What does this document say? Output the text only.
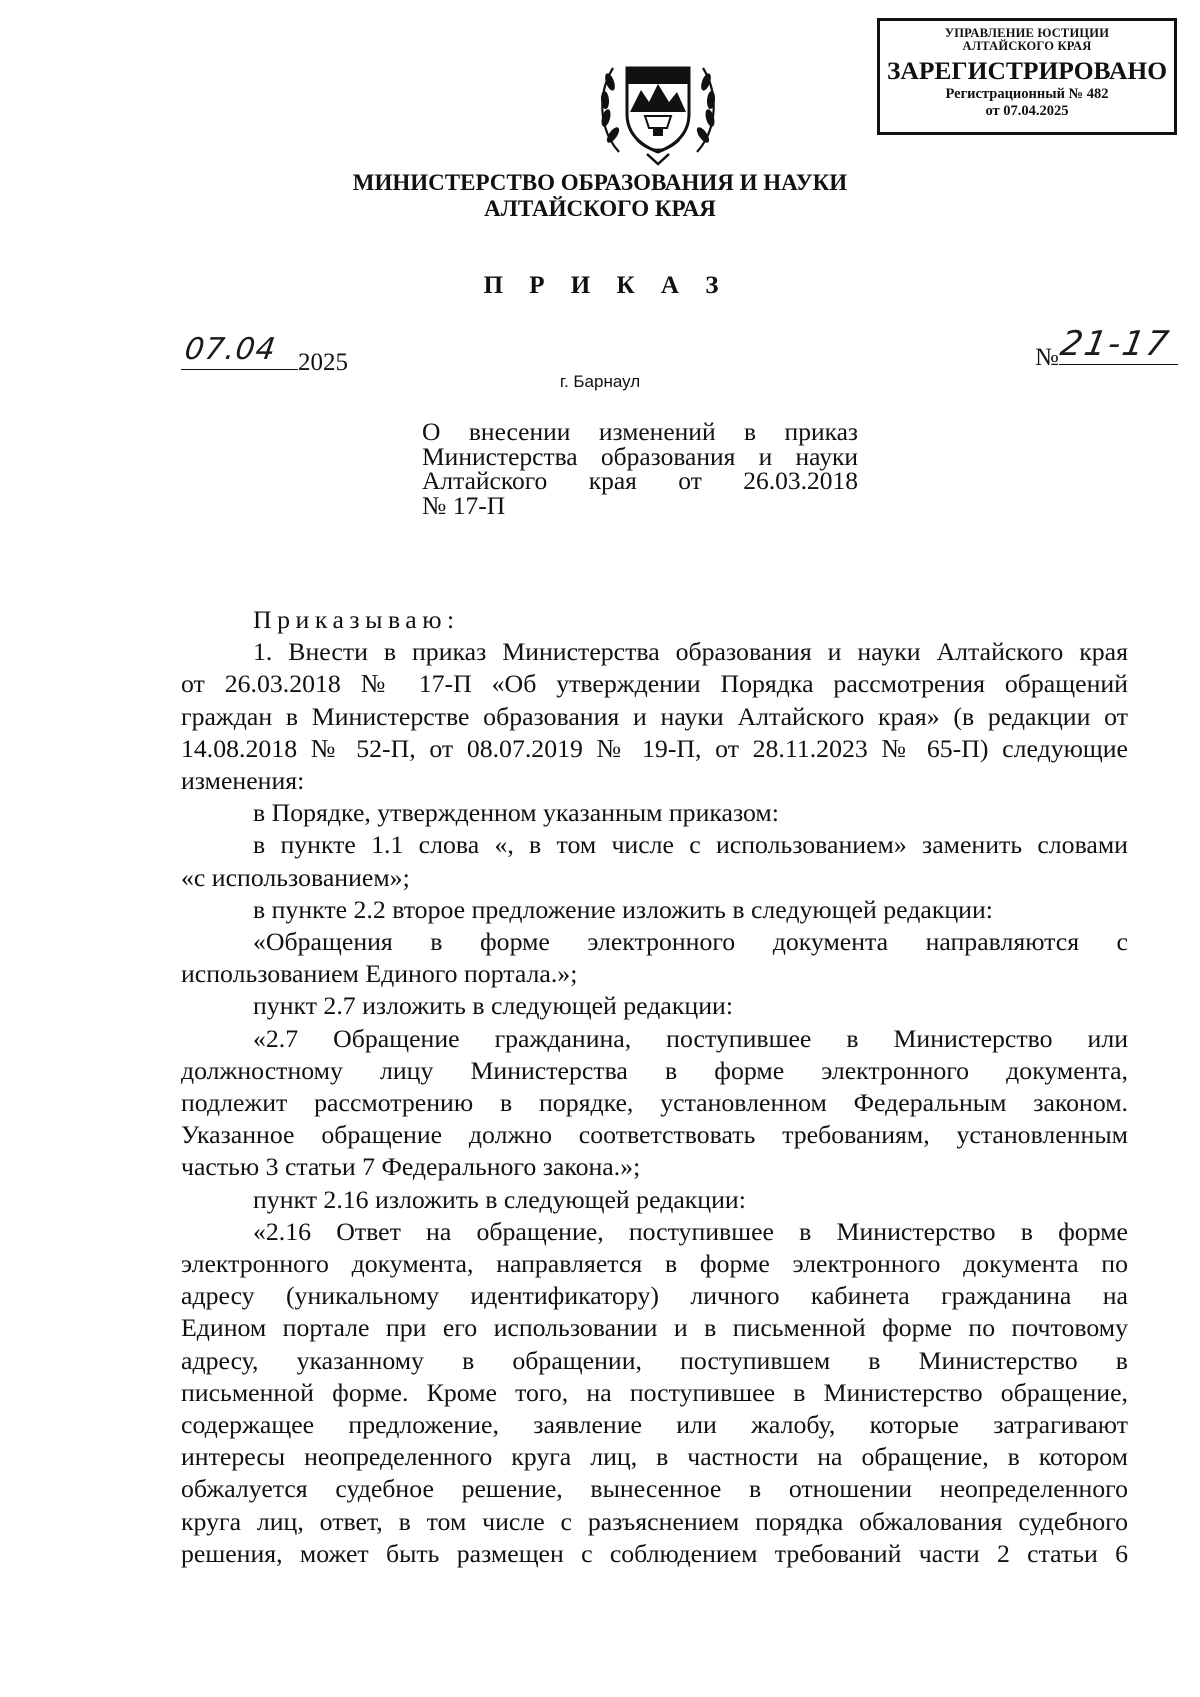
УПРАВЛЕНИЕ ЮСТИЦИИ
АЛТАЙСКОГО КРАЯ
ЗАРЕГИСТРИРОВАНО
Регистрационный № 482
от 07.04.2025
МИНИСТЕРСТВО ОБРАЗОВАНИЯ И НАУКИ
АЛТАЙСКОГО КРАЯ
П Р И К А З
07.04 2025	№
21-17
г. Барнаул
О внесении изменений в приказ
Министерства образования и науки
Алтайского края от 26.03.2018
№ 17-П
Приказываю:
1. Внести в приказ Министерства образования и науки Алтайского края
от 26.03.2018 № 17-П «Об утверждении Порядка рассмотрения обращений
граждан в Министерстве образования и науки Алтайского края» (в редакции от
14.08.2018 № 52-П, от 08.07.2019 № 19-П, от 28.11.2023 № 65-П) следующие
изменения:
в Порядке, утвержденном указанным приказом:
в пункте 1.1 слова «, в том числе с использованием» заменить словами
«с использованием»;
в пункте 2.2 второе предложение изложить в следующей редакции:
«Обращения в форме электронного документа направляются с
использованием Единого портала.»;
пункт 2.7 изложить в следующей редакции:
«2.7 Обращение гражданина, поступившее в Министерство или
должностному лицу Министерства в форме электронного документа,
подлежит рассмотрению в порядке, установленном Федеральным законом.
Указанное обращение должно соответствовать требованиям, установленным
частью 3 статьи 7 Федерального закона.»;
пункт 2.16 изложить в следующей редакции:
«2.16 Ответ на обращение, поступившее в Министерство в форме
электронного документа, направляется в форме электронного документа по
адресу (уникальному идентификатору) личного кабинета гражданина на
Едином портале при его использовании и в письменной форме по почтовому
адресу, указанному в обращении, поступившем в Министерство в
письменной форме. Кроме того, на поступившее в Министерство обращение,
содержащее предложение, заявление или жалобу, которые затрагивают
интересы неопределенного круга лиц, в частности на обращение, в котором
обжалуется судебное решение, вынесенное в отношении неопределенного
круга лиц, ответ, в том числе с разъяснением порядка обжалования судебного
решения, может быть размещен с соблюдением требований части 2 статьи 6
